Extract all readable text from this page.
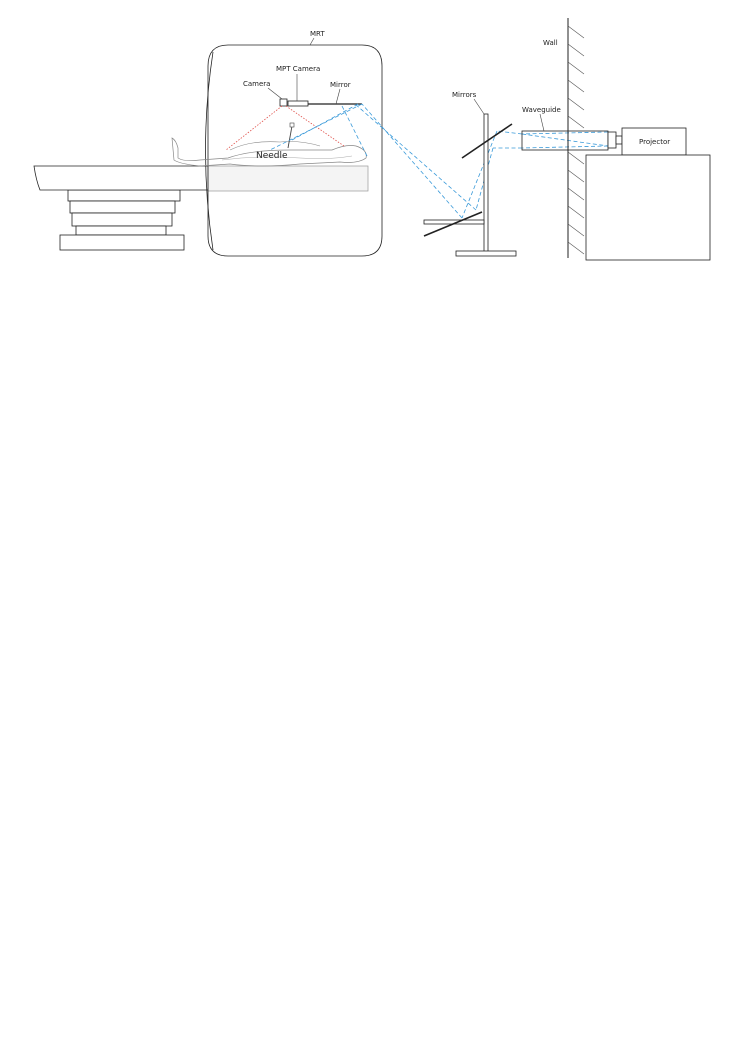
MRT
MPT Camera
Camera	Mirror
Needle
Mirrors
Waveguide
Wall
Projector
